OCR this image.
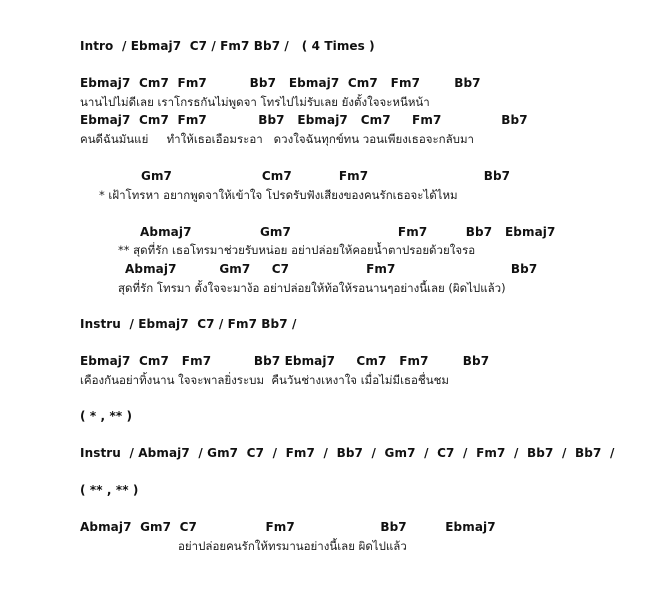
Intro  / Ebmaj7  C7 / Fm7 Bb7 /   ( 4 Times )
Ebmaj7  Cm7  Fm7          Bb7   Ebmaj7  Cm7   Fm7        Bb7
นานไปไม่ดีเลย เราโกรธกันไม่พูดจา โทรไปไม่รับเลย ยังตั้งใจจะหนีหน้า
Ebmaj7  Cm7  Fm7            Bb7   Ebmaj7   Cm7     Fm7              Bb7
คนดีฉันมันแย่     ทำให้เธอเอือมระอา   ดวงใจฉันทุกข์ทน วอนเพียงเธอจะกลับมา
Gm7                     Cm7           Fm7                           Bb7
* เฝ้าโทรหา อยากพูดจาให้เข้าใจ โปรดรับฟังเสียงของคนรักเธอจะได้ไหม
Abmaj7                Gm7                         Fm7         Bb7   Ebmaj7
** สุดที่รัก เธอโทรมาช่วยรับหน่อย อย่าปล่อยให้คอยน้ำตาปรอยด้วยใจรอ
Abmaj7          Gm7     C7                  Fm7                           Bb7
สุดที่รัก โทรมา ตั้งใจจะมาง้อ อย่าปล่อยให้ท้อให้รอนานๆอย่างนี้เลย (ผิดไปแล้ว)
Instru  / Ebmaj7  C7 / Fm7 Bb7 /
Ebmaj7  Cm7   Fm7          Bb7 Ebmaj7     Cm7   Fm7        Bb7
เคืองกันอย่าทิ้งนาน ใจจะพาลยิ่งระบม  คืนวันช่างเหงาใจ เมื่อไม่มีเธอชื่นชม
( * , ** )
Instru  / Abmaj7  / Gm7  C7  /  Fm7  /  Bb7  /  Gm7  /  C7  /  Fm7  /  Bb7  /  Bb7  /
( ** , ** )
Abmaj7  Gm7  C7                Fm7                    Bb7         Ebmaj7
อย่าปล่อยคนรักให้ทรมานอย่างนี้เลย ผิดไปแล้ว
